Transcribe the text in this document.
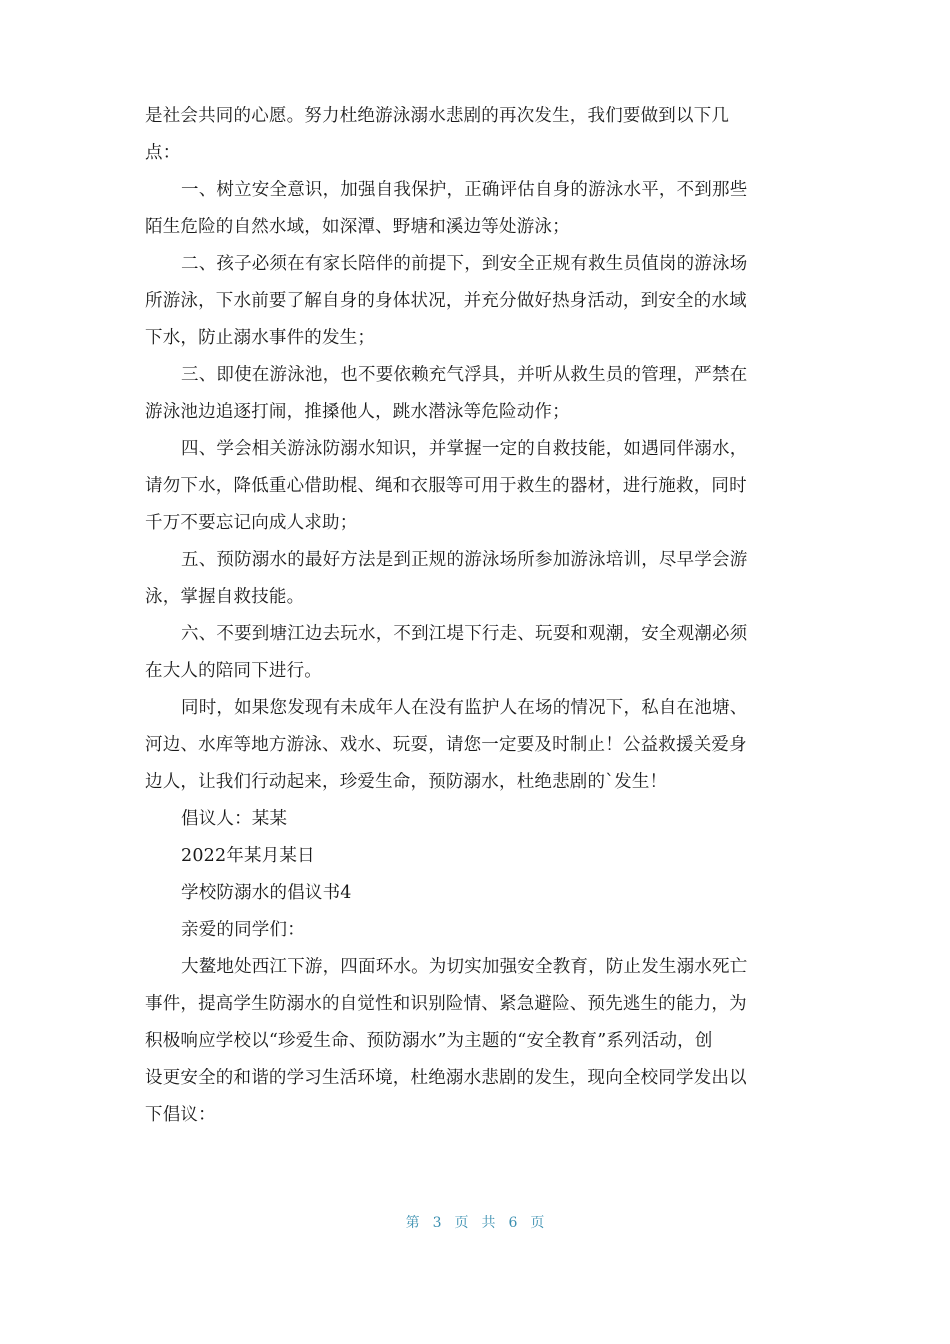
是社会共同的心愿。努力杜绝游泳溺水悲剧的再次发生，我们要做到以下几
点：
一、树立安全意识，加强自我保护，正确评估自身的游泳水平，不到那些
陌生危险的自然水域，如深潭、野塘和溪边等处游泳；
二、孩子必须在有家长陪伴的前提下，到安全正规有救生员值岗的游泳场
所游泳，下水前要了解自身的身体状况，并充分做好热身活动，到安全的水域
下水，防止溺水事件的发生；
三、即使在游泳池，也不要依赖充气浮具，并听从救生员的管理，严禁在
游泳池边追逐打闹，推搡他人，跳水潜泳等危险动作；
四、学会相关游泳防溺水知识，并掌握一定的自救技能，如遇同伴溺水，
请勿下水，降低重心借助棍、绳和衣服等可用于救生的器材，进行施救，同时
千万不要忘记向成人求助；
五、预防溺水的最好方法是到正规的游泳场所参加游泳培训，尽早学会游
泳，掌握自救技能。
六、不要到塘江边去玩水，不到江堤下行走、玩耍和观潮，安全观潮必须
在大人的陪同下进行。
同时，如果您发现有未成年人在没有监护人在场的情况下，私自在池塘、
河边、水库等地方游泳、戏水、玩耍，请您一定要及时制止！公益救援关爱身
边人，让我们行动起来，珍爱生命，预防溺水，杜绝悲剧的`发生！
倡议人：某某
2022年某月某日
学校防溺水的倡议书4
亲爱的同学们：
大鳌地处西江下游，四面环水。为切实加强安全教育，防止发生溺水死亡
事件，提高学生防溺水的自觉性和识别险情、紧急避险、预先逃生的能力，为
积极响应学校以“珍爱生命、预防溺水”为主题的“安全教育”系列活动，创
设更安全的和谐的学习生活环境，杜绝溺水悲剧的发生，现向全校同学发出以
下倡议：
第 3 页共6 页
